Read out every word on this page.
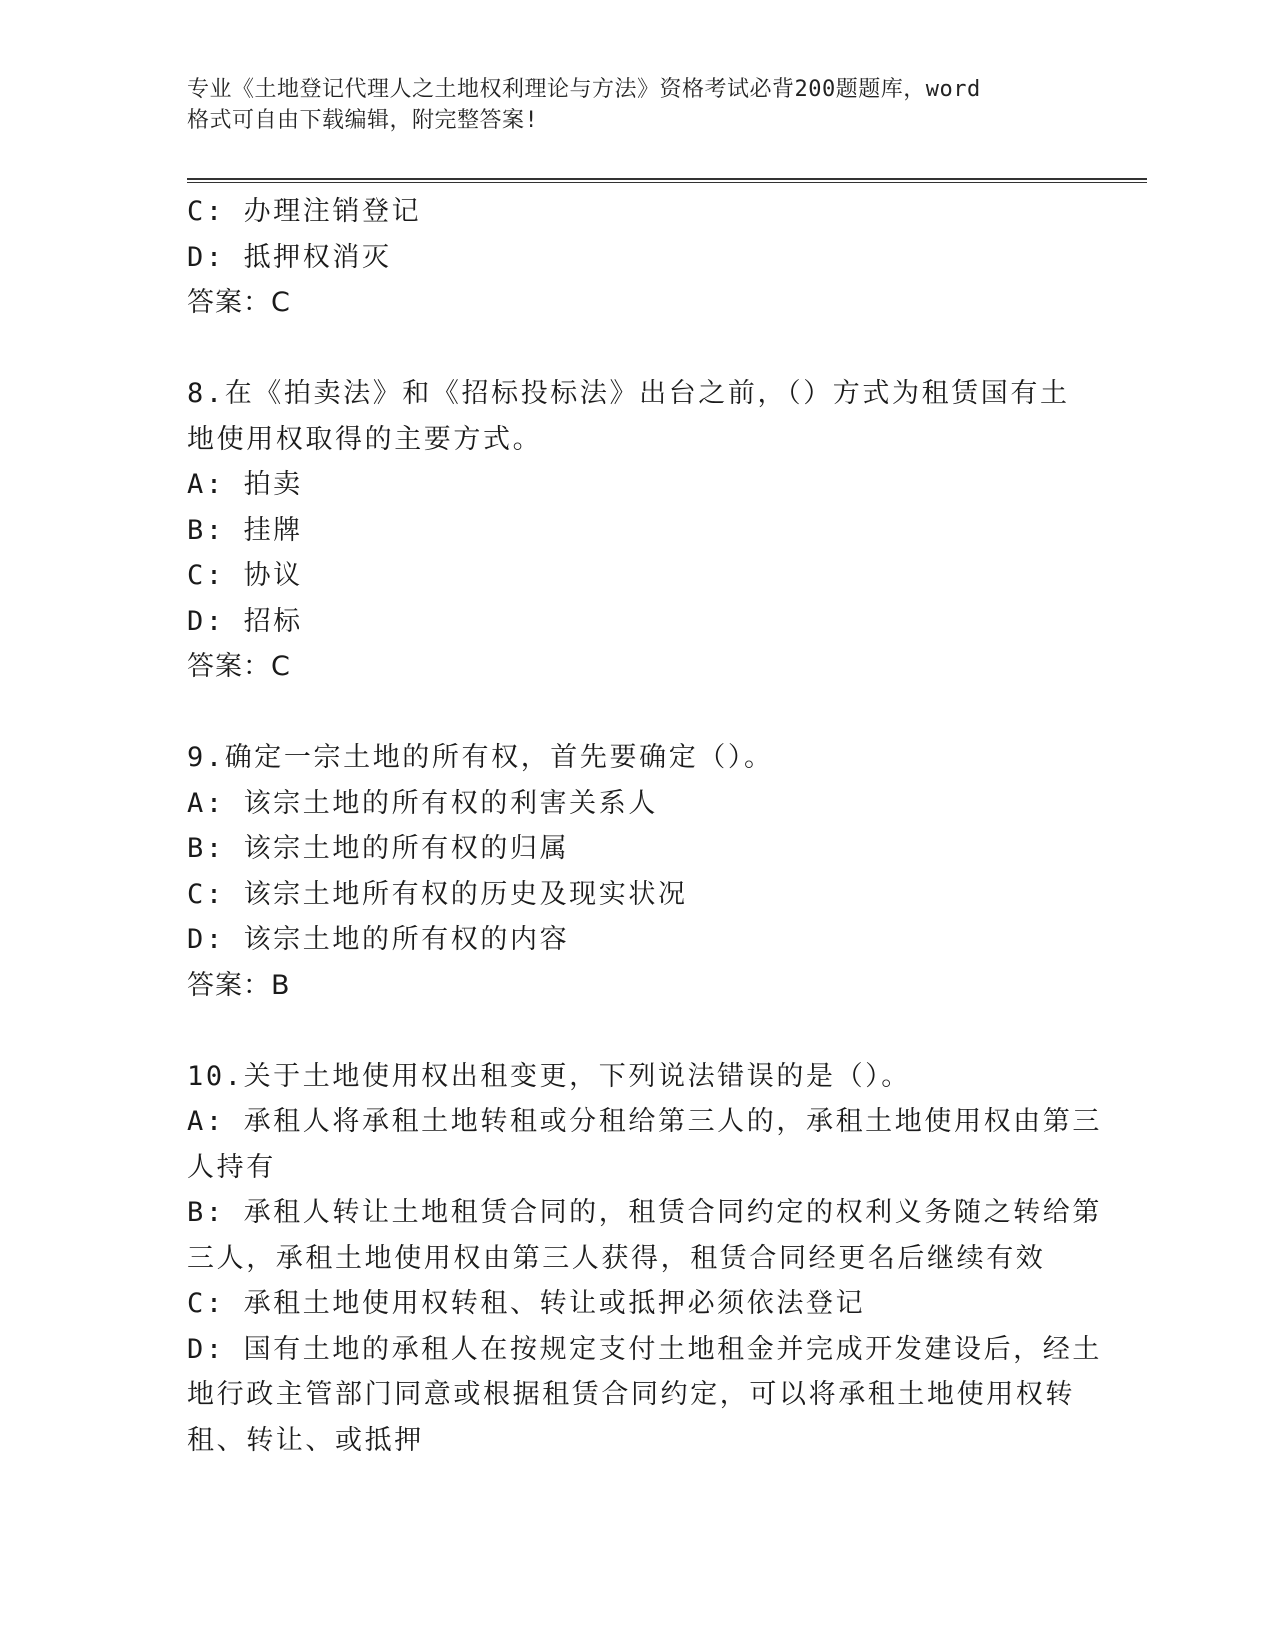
专业《土地登记代理人之土地权利理论与方法》资格考试必背200题题库，word
格式可自由下载编辑，附完整答案!
C: 办理注销登记
D: 抵押权消灭
答案：C
8.在《拍卖法》和《招标投标法》出台之前，（）方式为租赁国有土
地使用权取得的主要方式。
A: 拍卖
B: 挂牌
C: 协议
D: 招标
答案：C
9.确定一宗土地的所有权，首先要确定（）。
A: 该宗土地的所有权的利害关系人
B: 该宗土地的所有权的归属
C: 该宗土地所有权的历史及现实状况
D: 该宗土地的所有权的内容
答案：B
10.关于土地使用权出租变更，下列说法错误的是（）。
A: 承租人将承租土地转租或分租给第三人的，承租土地使用权由第三
人持有
B: 承租人转让土地租赁合同的，租赁合同约定的权利义务随之转给第
三人，承租土地使用权由第三人获得，租赁合同经更名后继续有效
C: 承租土地使用权转租、转让或抵押必须依法登记
D: 国有土地的承租人在按规定支付土地租金并完成开发建设后，经土
地行政主管部门同意或根据租赁合同约定，可以将承租土地使用权转
租、转让、或抵押
